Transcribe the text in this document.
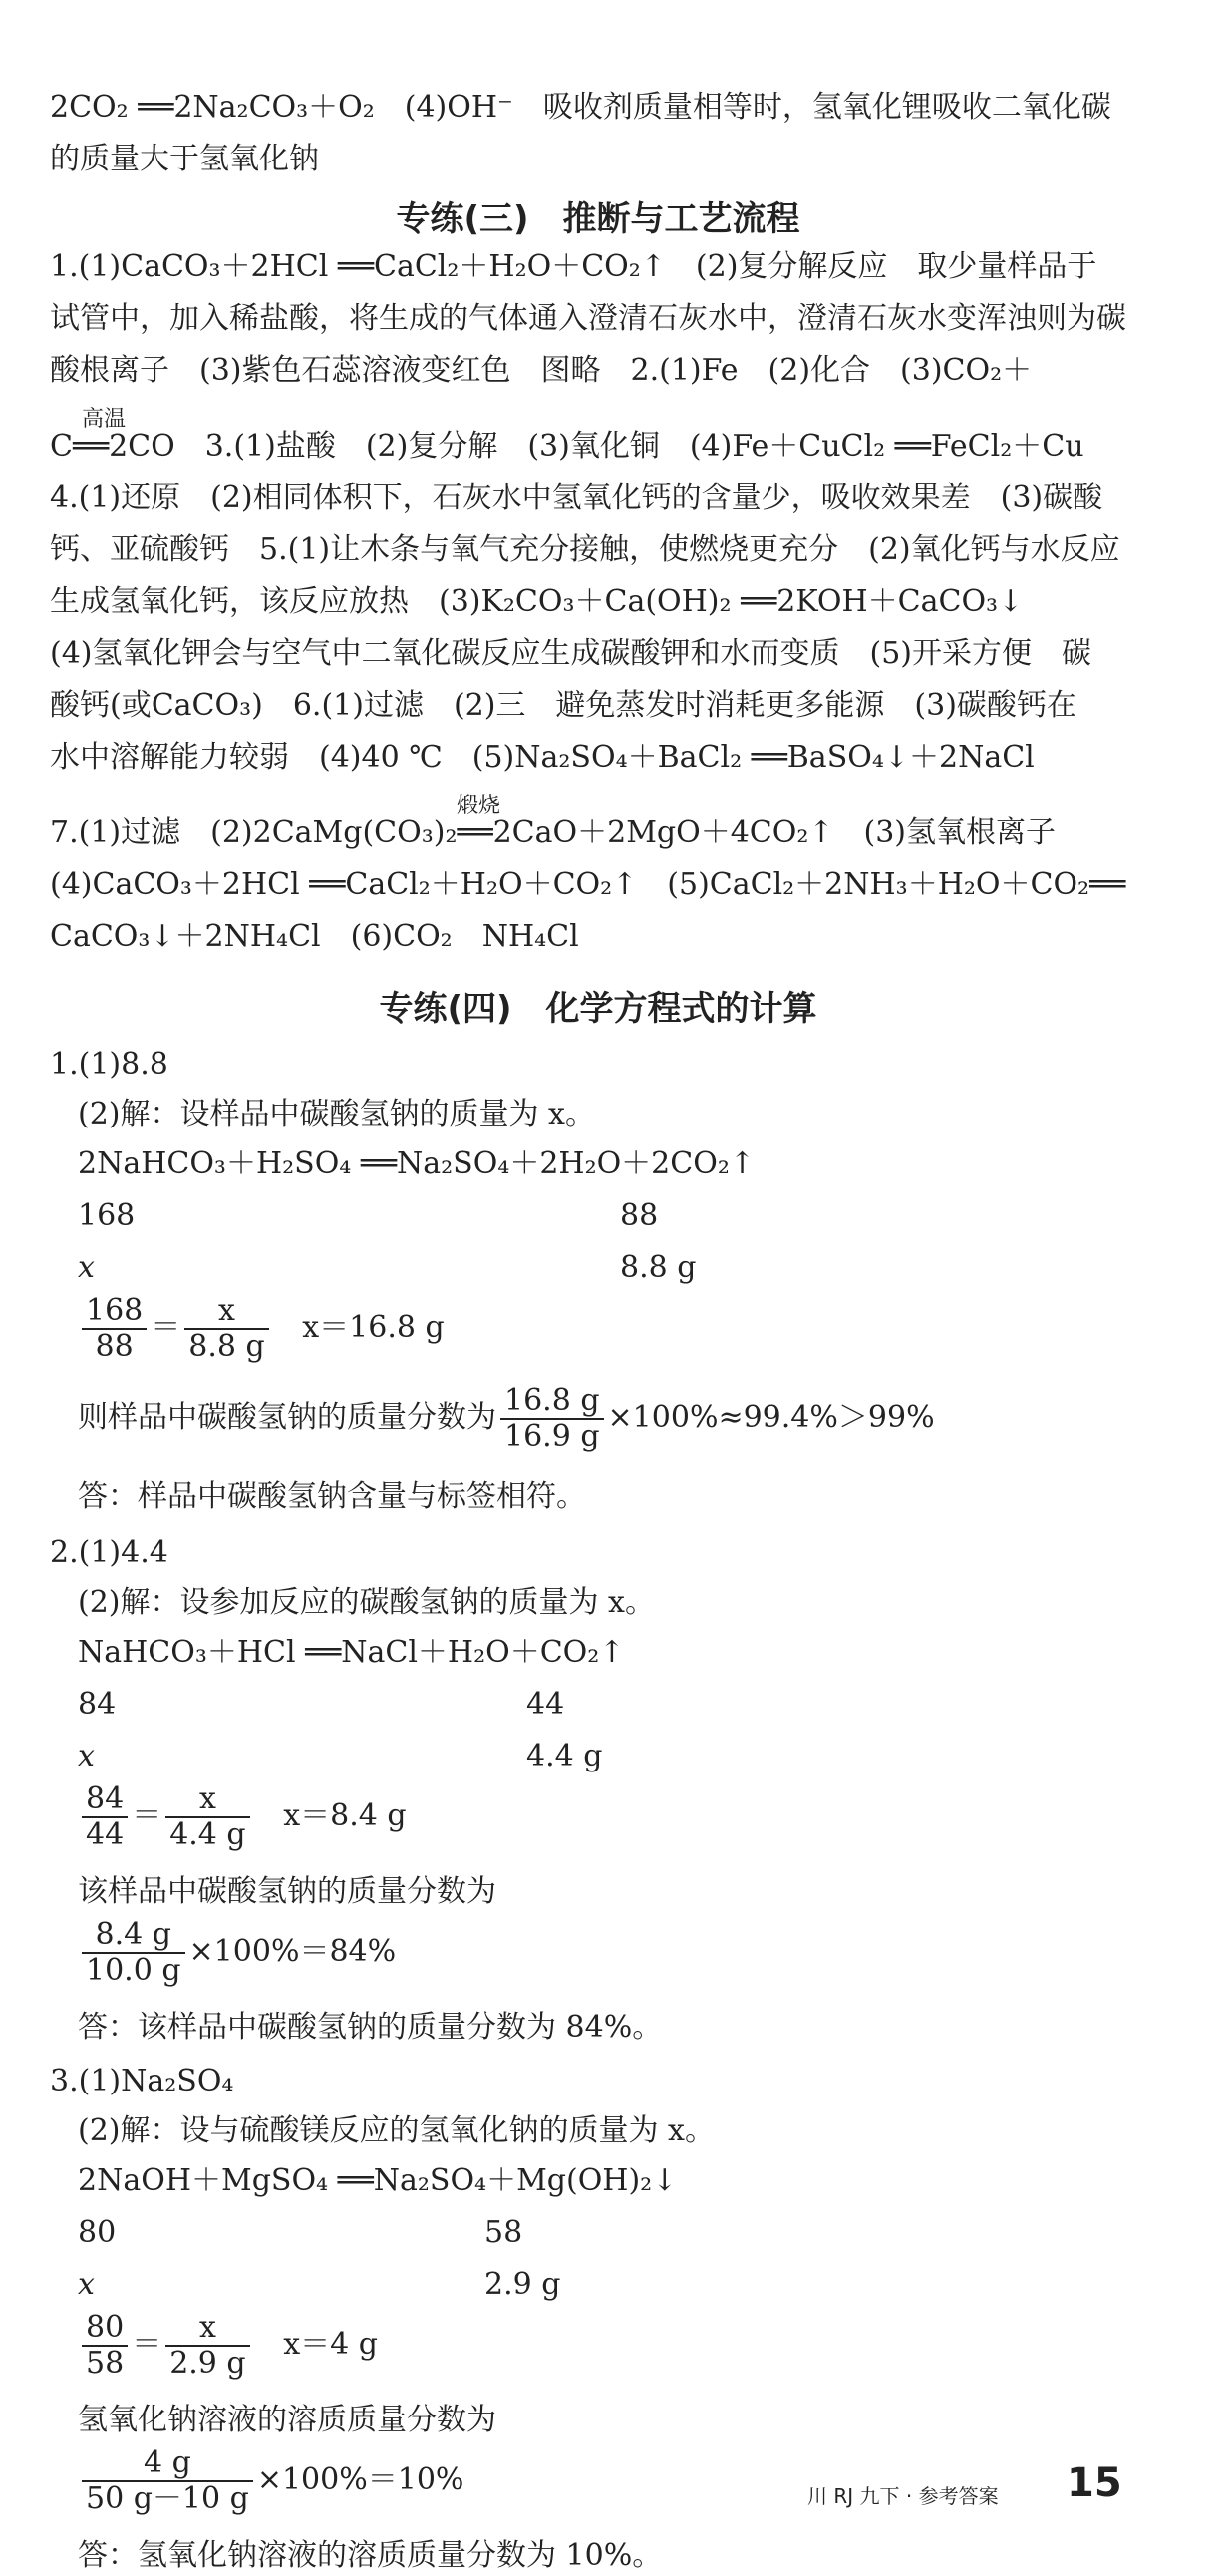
2CO₂ ══2Na₂CO₃＋O₂　(4)OH⁻　吸收剂质量相等时，氢氧化锂吸收二氧化碳
的质量大于氢氧化钠
专练(三)　推断与工艺流程
1.(1)CaCO₃＋2HCl ══CaCl₂＋H₂O＋CO₂↑　(2)复分解反应　取少量样品于
试管中，加入稀盐酸，将生成的气体通入澄清石灰水中，澄清石灰水变浑浊则为碳
酸根离子　(3)紫色石蕊溶液变红色　图略　2.(1)Fe　(2)化合　(3)CO₂＋
高温
C══2CO　3.(1)盐酸　(2)复分解　(3)氧化铜　(4)Fe＋CuCl₂ ══FeCl₂＋Cu
4.(1)还原　(2)相同体积下，石灰水中氢氧化钙的含量少，吸收效果差　(3)碳酸
钙、亚硫酸钙　5.(1)让木条与氧气充分接触，使燃烧更充分　(2)氧化钙与水反应
生成氢氧化钙，该反应放热　(3)K₂CO₃＋Ca(OH)₂ ══2KOH＋CaCO₃↓
(4)氢氧化钾会与空气中二氧化碳反应生成碳酸钾和水而变质　(5)开采方便　碳
酸钙(或CaCO₃)　6.(1)过滤　(2)三　避免蒸发时消耗更多能源　(3)碳酸钙在
水中溶解能力较弱　(4)40 ℃　(5)Na₂SO₄＋BaCl₂ ══BaSO₄↓＋2NaCl
煅烧
7.(1)过滤　(2)2CaMg(CO₃)₂══2CaO＋2MgO＋4CO₂↑　(3)氢氧根离子
(4)CaCO₃＋2HCl ══CaCl₂＋H₂O＋CO₂↑　(5)CaCl₂＋2NH₃＋H₂O＋CO₂══
CaCO₃↓＋2NH₄Cl　(6)CO₂　NH₄Cl
专练(四)　化学方程式的计算
1.(1)8.8
(2)解：设样品中碳酸氢钠的质量为 x。
2NaHCO₃＋H₂SO₄ ══Na₂SO₄＋2H₂O＋2CO₂↑
168	88
x	8.8 g
$\frac{168}{88} = \frac{x}{8.8 g} x=16.8$ g
则样品中碳酸氢钠的质量分数为 $\frac{16.8 g}{16.9 g} \times 100\%\approx 99.4\%>99\%$
答：样品中碳酸氢钠含量与标签相符。
2.(1)4.4
(2)解：设参加反应的碳酸氢钠的质量为 x。
NaHCO₃＋HCl ══NaCl＋H₂O＋CO₂↑
84	44
x	4.4 g
$\frac{84}{44} = \frac{x}{4.4 g} x=8.4$ g
该样品中碳酸氢钠的质量分数为
$\frac{8.4 g}{10.0 g} \times 100\%=84\%$
答：该样品中碳酸氢钠的质量分数为 84%。
3.(1)Na₂SO₄
(2)解：设与硫酸镁反应的氢氧化钠的质量为 x。
2NaOH＋MgSO₄ ══Na₂SO₄＋Mg(OH)₂↓
80	58
x	2.9 g
$\frac{80}{58} = \frac{x}{2.9 g} x=4$ g
氢氧化钠溶液的溶质质量分数为
$\frac{4 g}{50 g-10 g} \times 100\%=10\%$
答：氢氧化钠溶液的溶质质量分数为 10%。
川 RJ 九下 · 参考答案 15
